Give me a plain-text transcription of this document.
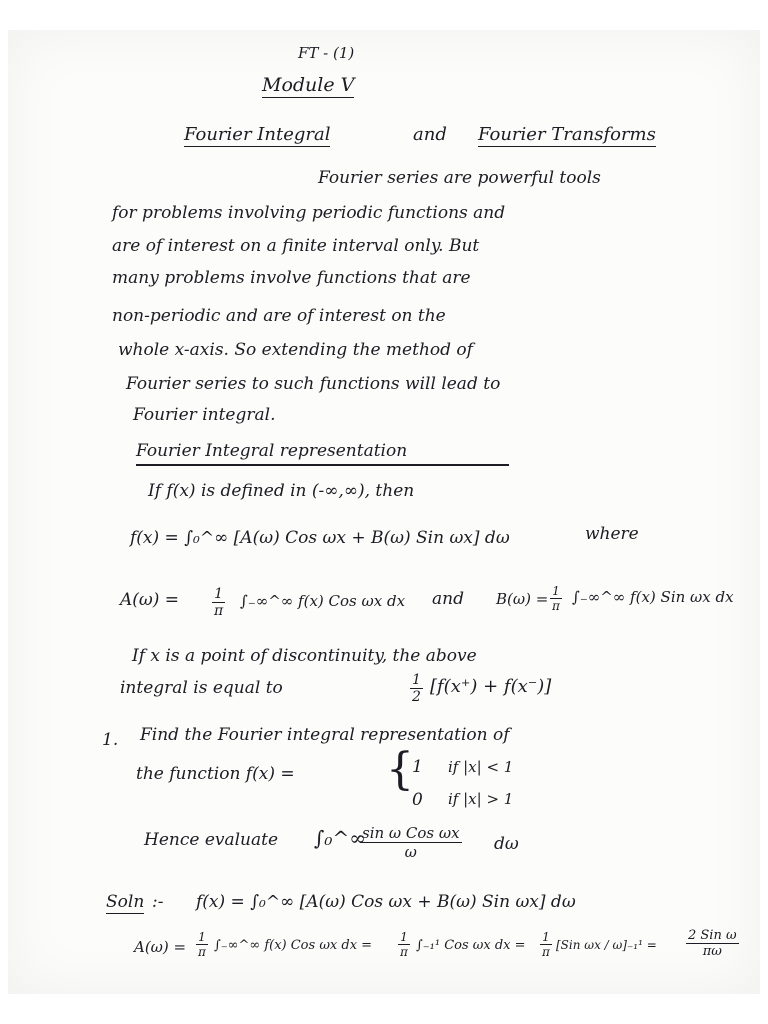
FT - (1)
Module V
Fourier Integral	and Fourier Transforms
Fourier series are powerful tools
for problems involving periodic functions and
are of interest on a finite interval only. But
many problems involve functions that are
non-periodic and are of interest on the
whole x-axis. So extending the method of
Fourier series to such functions will lead to
Fourier integral.
Fourier Integral representation
If f(x) is defined in (-∞,∞), then
f(x) = ∫₀^∞ [A(ω) Cos ωx + B(ω) Sin ωx] dω	where
$A(\omega) = \frac{1}{\pi}$ ∫₋∞^∞ f(x) Cos ωx dx and $B(\omega) = \frac{1}{\pi}$ ∫₋∞^∞ f(x) Sin ωx dx
If x is a point of discontinuity, the above
integral is equal to	$\frac{1}{2} [f(x^+) + f(x^-)]$
1. Find the Fourier integral representation of
the function f(x) = {
1 if |x| < 1
0 if |x| > 1
Hence evaluate ∫₀^∞
sin ω Cos ωx
ω	dω
Soln :- f(x) = ∫₀^∞ [A(ω) Cos ωx + B(ω) Sin ωx] dω
$A(\omega) = \frac{1}{\pi}$ ∫₋∞^∞ f(x) Cos ωx dx = $\frac{1}{\pi} \int_{-1}^1$ Cos ωx dx = $\frac{1}{\pi} [Sin$ ωx / ω]₋₁¹ =
2 Sin ω
πω
